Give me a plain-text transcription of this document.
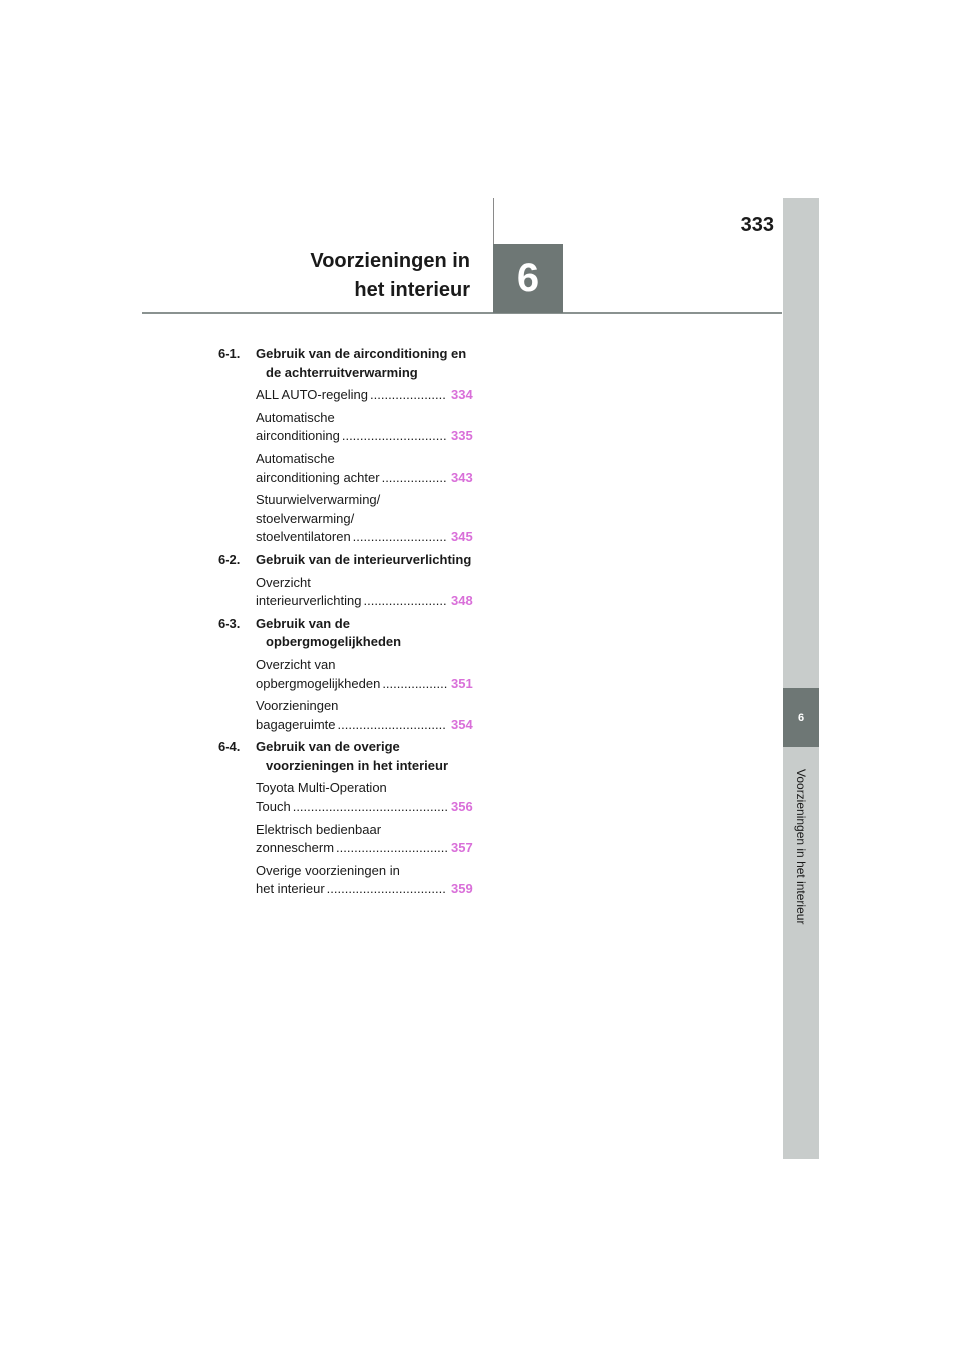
6
Voorzieningen in het interieur
6
333
Voorzieningen in
het interieur
6-1. Gebruik van de airconditioning en de achterruitverwarming
ALL AUTO-regeling .....	334
Automatische
airconditioning .....	335
Automatische
airconditioning achter .....	343
Stuurwielverwarming/
stoelverwarming/
stoelventilatoren .....	345
6-2. Gebruik van de interieurverlichting
Overzicht
interieurverlichting .....	348
6-3. Gebruik van de opbergmogelijkheden
Overzicht van
opbergmogelijkheden .....	351
Voorzieningen
bagageruimte .....	354
6-4. Gebruik van de overige voorzieningen in het interieur
Toyota Multi-Operation
Touch .....	356
Elektrisch bedienbaar
zonnescherm .....	357
Overige voorzieningen in
het interieur .....	359
